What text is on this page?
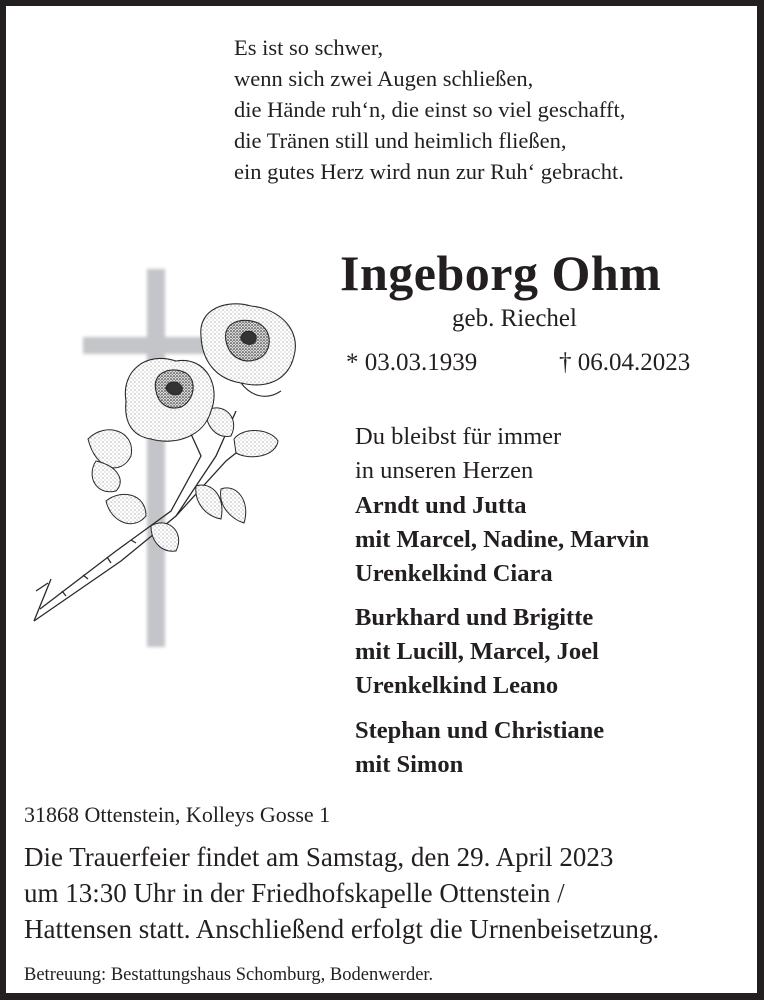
Es ist so schwer,
wenn sich zwei Augen schließen,
die Hände ruh‘n, die einst so viel geschafft,
die Tränen still und heimlich fließen,
ein gutes Herz wird nun zur Ruh‘ gebracht.
Ingeborg Ohm
geb. Riechel
* 03.03.1939	† 06.04.2023
Du bleibst für immer
in unseren Herzen
Arndt und Jutta
mit Marcel, Nadine, Marvin
Urenkelkind Ciara
Burkhard und Brigitte
mit Lucill, Marcel, Joel
Urenkelkind Leano
Stephan und Christiane
mit Simon
31868 Ottenstein, Kolleys Gosse 1
Die Trauerfeier findet am Samstag, den 29. April 2023
um 13:30 Uhr in der Friedhofskapelle Ottenstein /
Hattensen statt. Anschließend erfolgt die Urnenbeisetzung.
Betreuung: Bestattungshaus Schomburg, Bodenwerder.
